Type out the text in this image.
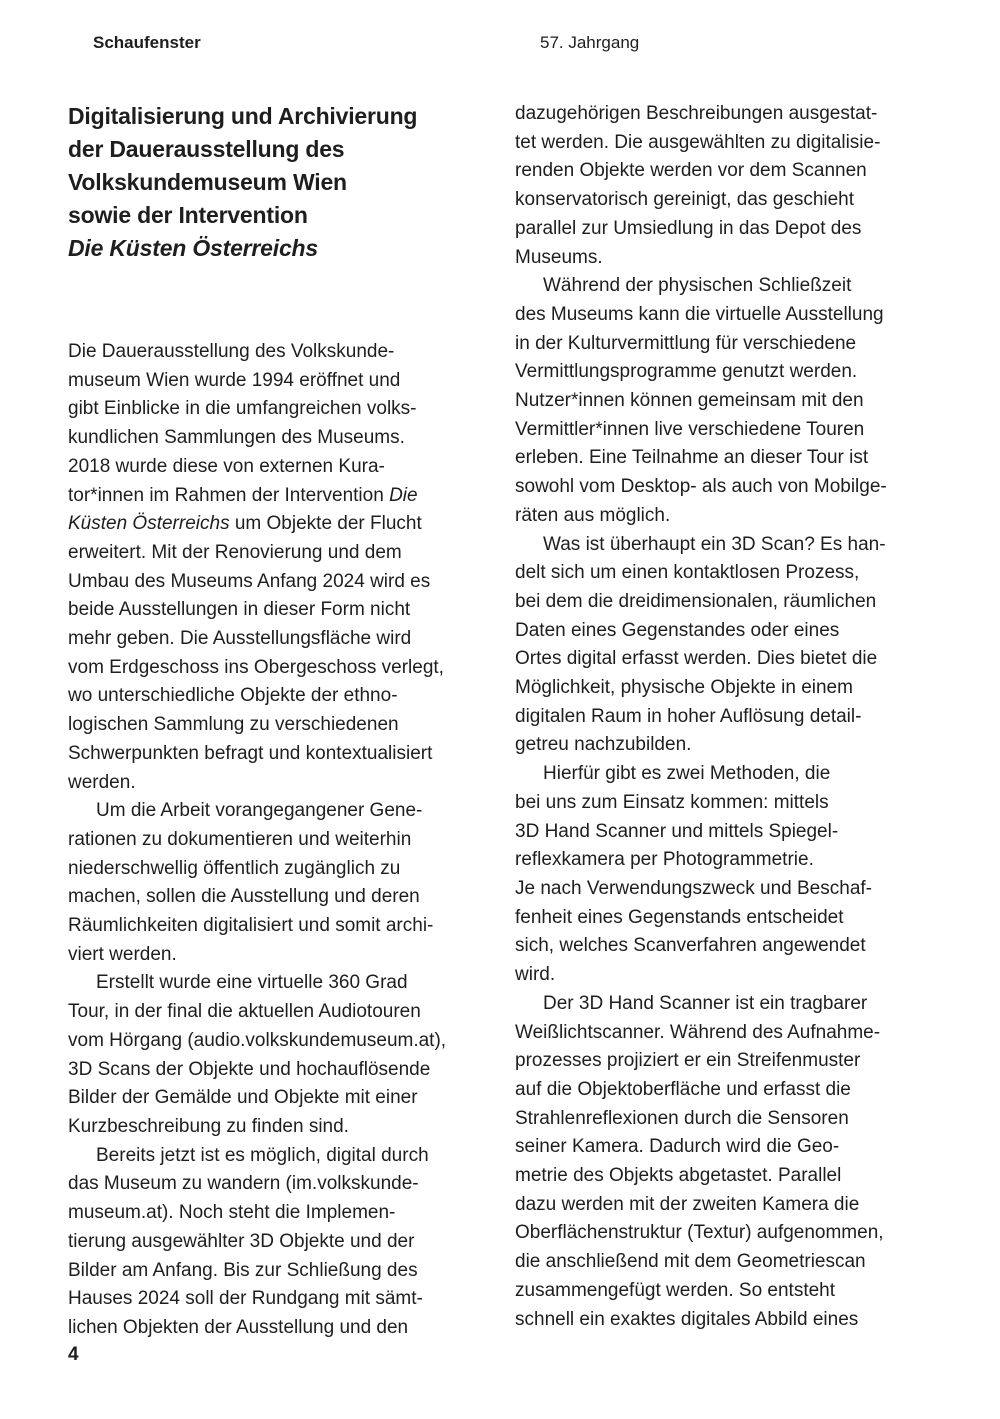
Schaufenster	57. Jahrgang
Digitalisierung und Archivierung
der Dauerausstellung des
Volkskundemuseum Wien
sowie der Intervention
Die Küsten Österreichs

Die Dauerausstellung des Volkskunde-
museum Wien wurde 1994 eröffnet und
gibt Einblicke in die umfangreichen volks-
kundlichen Sammlungen des Museums.
2018 wurde diese von externen Kura-
tor*innen im Rahmen der Intervention Die
Küsten Österreichs um Objekte der Flucht
erweitert. Mit der Renovierung und dem
Umbau des Museums Anfang 2024 wird es
beide Ausstellungen in dieser Form nicht
mehr geben. Die Ausstellungsfläche wird
vom Erdgeschoss ins Obergeschoss verlegt,
wo unterschiedliche Objekte der ethno-
logischen Sammlung zu verschiedenen
Schwerpunkten befragt und kontextualisiert
werden.

Um die Arbeit vorangegangener Gene-
rationen zu dokumentieren und weiterhin
niederschwellig öffentlich zugänglich zu
machen, sollen die Ausstellung und deren
Räumlichkeiten digitalisiert und somit archi-
viert werden.

Erstellt wurde eine virtuelle 360 Grad
Tour, in der final die aktuellen Audiotouren
vom Hörgang (audio.volkskundemuseum.at),
3D Scans der Objekte und hochauflösende
Bilder der Gemälde und Objekte mit einer
Kurzbeschreibung zu finden sind.

Bereits jetzt ist es möglich, digital durch
das Museum zu wandern (im.volkskunde-
museum.at). Noch steht die Implemen-
tierung ausgewählter 3D Objekte und der
Bilder am Anfang. Bis zur Schließung des
Hauses 2024 soll der Rundgang mit sämt-
lichen Objekten der Ausstellung und den

dazugehörigen Beschreibungen ausgestat-
tet werden. Die ausgewählten zu digitalisie-
renden Objekte werden vor dem Scannen
konservatorisch gereinigt, das geschieht
parallel zur Umsiedlung in das Depot des
Museums.

Während der physischen Schließzeit
des Museums kann die virtuelle Ausstellung
in der Kulturvermittlung für verschiedene
Vermittlungsprogramme genutzt werden.
Nutzer*innen können gemeinsam mit den
Vermittler*innen live verschiedene Touren
erleben. Eine Teilnahme an dieser Tour ist
sowohl vom Desktop- als auch von Mobilge-
räten aus möglich.

Was ist überhaupt ein 3D Scan? Es han-
delt sich um einen kontaktlosen Prozess,
bei dem die dreidimensionalen, räumlichen
Daten eines Gegenstandes oder eines
Ortes digital erfasst werden. Dies bietet die
Möglichkeit, physische Objekte in einem
digitalen Raum in hoher Auflösung detail-
getreu nachzubilden.

Hierfür gibt es zwei Methoden, die
bei uns zum Einsatz kommen: mittels
3D Hand Scanner und mittels Spiegel-
reflexkamera per Photogrammetrie.
Je nach Verwendungszweck und Beschaf-
fenheit eines Gegenstands entscheidet
sich, welches Scanverfahren angewendet
wird.

Der 3D Hand Scanner ist ein tragbarer
Weißlichtscanner. Während des Aufnahme-
prozesses projiziert er ein Streifenmuster
auf die Objektoberfläche und erfasst die
Strahlenreflexionen durch die Sensoren
seiner Kamera. Dadurch wird die Geo-
metrie des Objekts abgetastet. Parallel
dazu werden mit der zweiten Kamera die
Oberflächenstruktur (Textur) aufgenommen,
die anschließend mit dem Geometriescan
zusammengefügt werden. So entsteht
schnell ein exaktes digitales Abbild eines

4
